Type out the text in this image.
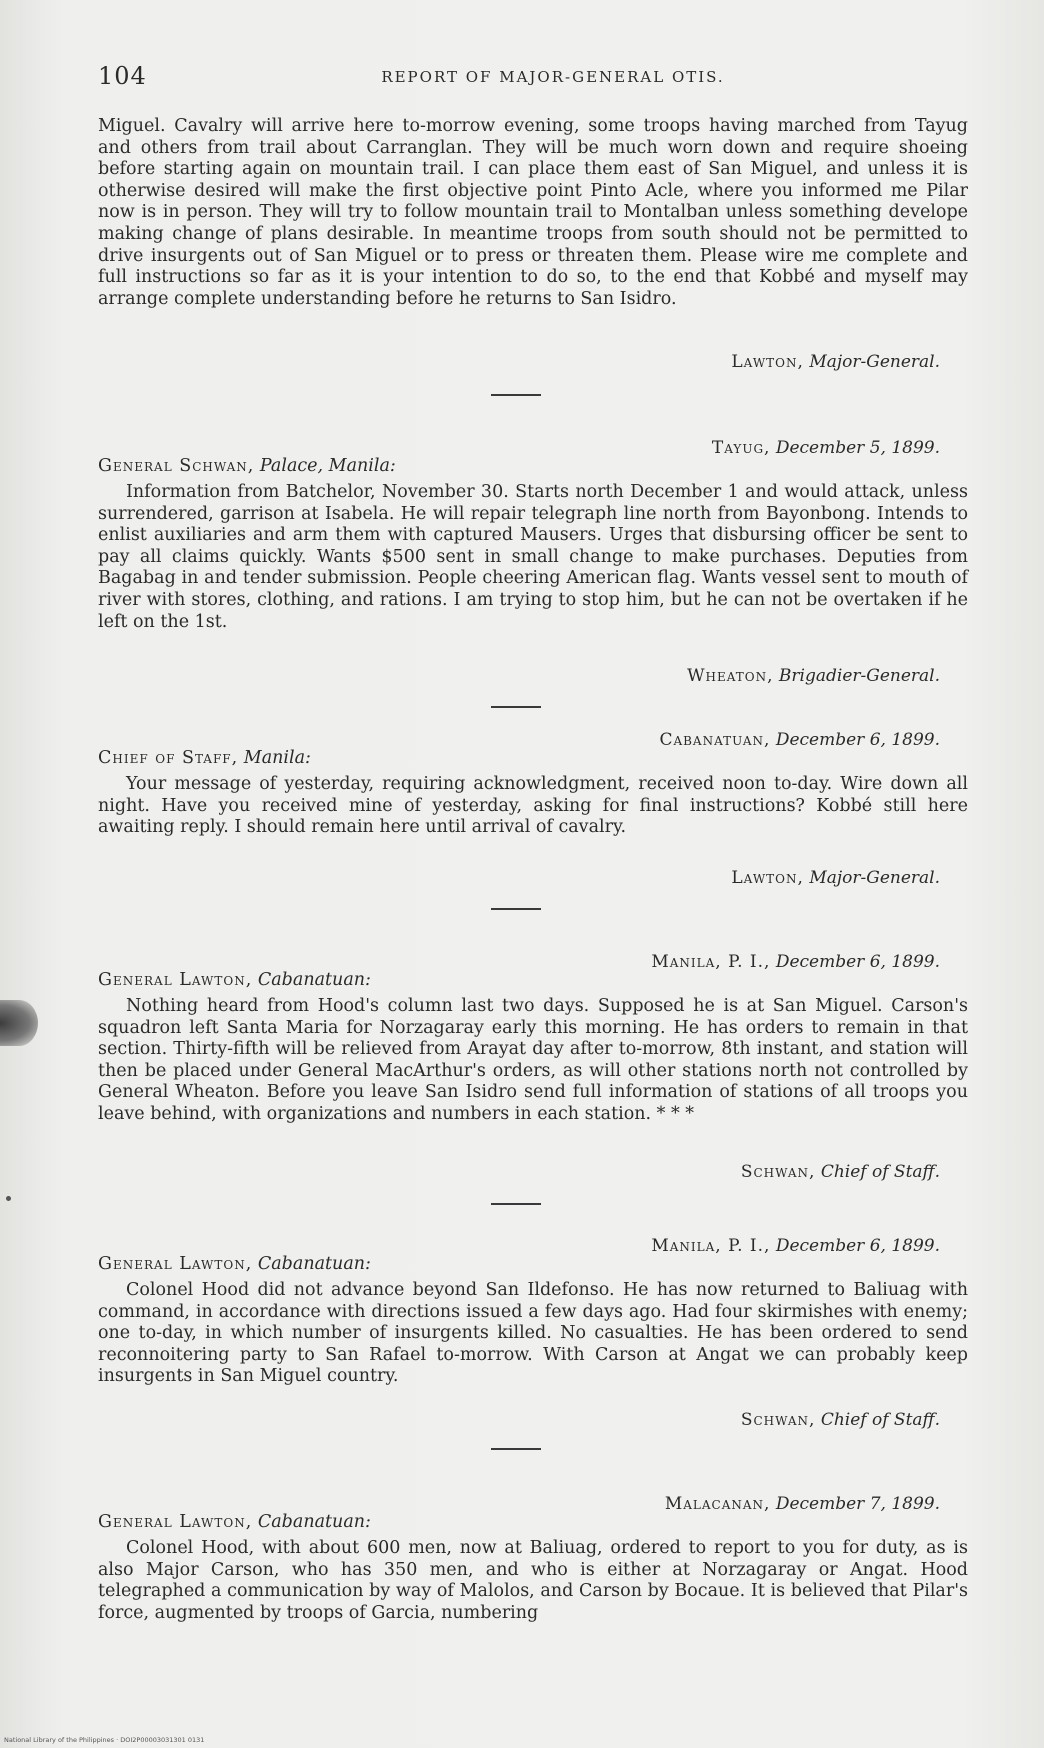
104	REPORT OF MAJOR-GENERAL OTIS.

Miguel. Cavalry will arrive here to-morrow evening, some troops having marched from Tayug and others from trail about Carranglan. They will be much worn down and require shoeing before starting again on mountain trail. I can place them east of San Miguel, and unless it is otherwise desired will make the first objective point Pinto Acle, where you informed me Pilar now is in person. They will try to follow mountain trail to Montalban unless something develope making change of plans desirable. In meantime troops from south should not be permitted to drive insurgents out of San Miguel or to press or threaten them. Please wire me complete and full instructions so far as it is your intention to do so, to the end that Kobbé and myself may arrange complete understanding before he returns to San Isidro.

Lawton, Major-General.
Tayug, December 5, 1899.
General Schwan, Palace, Manila:

Information from Batchelor, November 30. Starts north December 1 and would attack, unless surrendered, garrison at Isabela. He will repair telegraph line north from Bayonbong. Intends to enlist auxiliaries and arm them with captured Mausers. Urges that disbursing officer be sent to pay all claims quickly. Wants $500 sent in small change to make purchases. Deputies from Bagabag in and tender submission. People cheering American flag. Wants vessel sent to mouth of river with stores, clothing, and rations. I am trying to stop him, but he can not be overtaken if he left on the 1st.

Wheaton, Brigadier-General.
Cabanatuan, December 6, 1899.
Chief of Staff, Manila:

Your message of yesterday, requiring acknowledgment, received noon to-day. Wire down all night. Have you received mine of yesterday, asking for final instructions? Kobbé still here awaiting reply. I should remain here until arrival of cavalry.

Lawton, Major-General.
Manila, P. I., December 6, 1899.
General Lawton, Cabanatuan:

Nothing heard from Hood's column last two days. Supposed he is at San Miguel. Carson's squadron left Santa Maria for Norzagaray early this morning. He has orders to remain in that section. Thirty-fifth will be relieved from Arayat day after to-morrow, 8th instant, and station will then be placed under General MacArthur's orders, as will other stations north not controlled by General Wheaton. Before you leave San Isidro send full information of stations of all troops you leave behind, with organizations and numbers in each station. * * *

Schwan, Chief of Staff.
Manila, P. I., December 6, 1899.
General Lawton, Cabanatuan:

Colonel Hood did not advance beyond San Ildefonso. He has now returned to Baliuag with command, in accordance with directions issued a few days ago. Had four skirmishes with enemy; one to-day, in which number of insurgents killed. No casualties. He has been ordered to send reconnoitering party to San Rafael to-morrow. With Carson at Angat we can probably keep insurgents in San Miguel country.

Schwan, Chief of Staff.
Malacanan, December 7, 1899.
General Lawton, Cabanatuan:

Colonel Hood, with about 600 men, now at Baliuag, ordered to report to you for duty, as is also Major Carson, who has 350 men, and who is either at Norzagaray or Angat. Hood telegraphed a communication by way of Malolos, and Carson by Bocaue. It is believed that Pilar's force, augmented by troops of Garcia, numbering

National Library of the Philippines · DOI2P00003031301 0131
